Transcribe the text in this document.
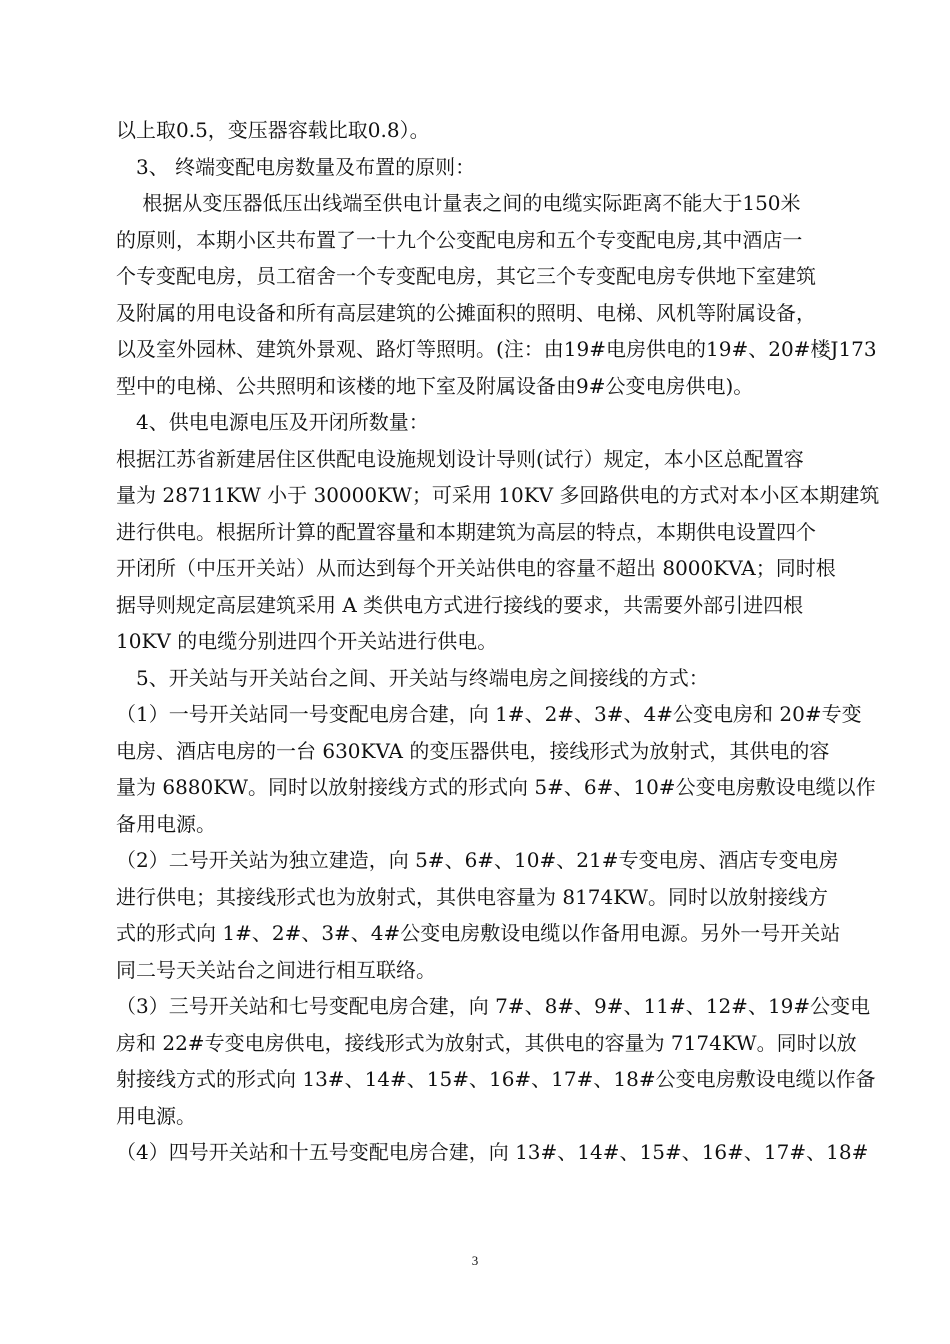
以上取0.5，变压器容载比取0.8）。
　3、 终端变配电房数量及布置的原则：
　 根据从变压器低压出线端至供电计量表之间的电缆实际距离不能大于150米
的原则，本期小区共布置了一十九个公变配电房和五个专变配电房,其中酒店一
个专变配电房，员工宿舍一个专变配电房，其它三个专变配电房专供地下室建筑
及附属的用电设备和所有高层建筑的公摊面积的照明、电梯、风机等附属设备，
以及室外园林、建筑外景观、路灯等照明。(注：由19#电房供电的19#、20#楼J173
型中的电梯、公共照明和该楼的地下室及附属设备由9#公变电房供电)。
　4、供电电源电压及开闭所数量：
根据江苏省新建居住区供配电设施规划设计导则(试行）规定，本小区总配置容
量为 28711KW 小于 30000KW；可采用 10KV 多回路供电的方式对本小区本期建筑
进行供电。根据所计算的配置容量和本期建筑为高层的特点，本期供电设置四个
开闭所（中压开关站）从而达到每个开关站供电的容量不超出 8000KVA；同时根
据导则规定高层建筑采用 A 类供电方式进行接线的要求，共需要外部引进四根
10KV 的电缆分别进四个开关站进行供电。
　5、开关站与开关站台之间、开关站与终端电房之间接线的方式：
（1）一号开关站同一号变配电房合建，向 1#、2#、3#、4#公变电房和 20#专变
电房、酒店电房的一台 630KVA 的变压器供电，接线形式为放射式，其供电的容
量为 6880KW。同时以放射接线方式的形式向 5#、6#、10#公变电房敷设电缆以作
备用电源。
（2）二号开关站为独立建造，向 5#、6#、10#、21#专变电房、酒店专变电房
进行供电；其接线形式也为放射式，其供电容量为 8174KW。同时以放射接线方
式的形式向 1#、2#、3#、4#公变电房敷设电缆以作备用电源。另外一号开关站
同二号天关站台之间进行相互联络。
（3）三号开关站和七号变配电房合建，向 7#、8#、9#、11#、12#、19#公变电
房和 22#专变电房供电，接线形式为放射式，其供电的容量为 7174KW。同时以放
射接线方式的形式向 13#、14#、15#、16#、17#、18#公变电房敷设电缆以作备
用电源。
（4）四号开关站和十五号变配电房合建，向 13#、14#、15#、16#、17#、18#
3
